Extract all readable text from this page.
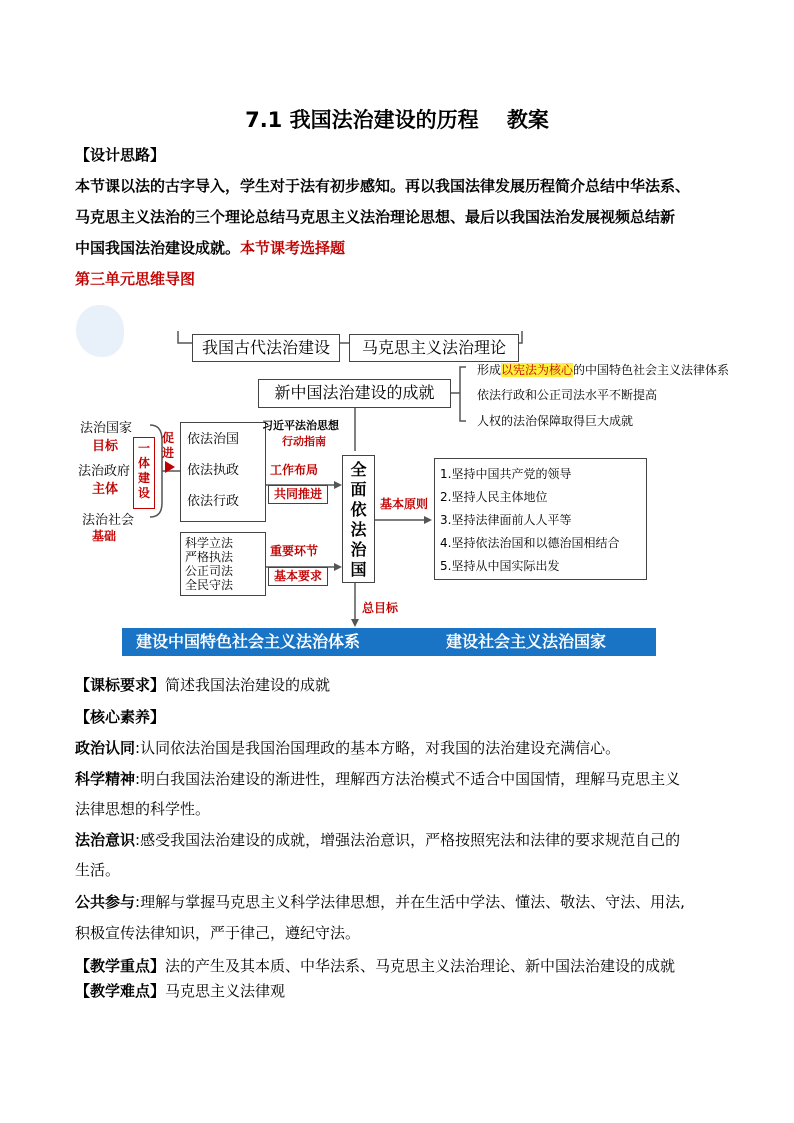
7.1 我国法治建设的历程　 教案
【设计思路】
本节课以法的古字导入，学生对于法有初步感知。再以我国法律发展历程简介总结中华法系、
马克思主义法治的三个理论总结马克思主义法治理论思想、最后以我国法治发展视频总结新
中国我国法治建设成就。本节课考选择题
第三单元思维导图
我国古代法治建设	马克思主义法治理论
新中国法治建设的成就
形成以宪法为核心的中国特色社会主义法律体系
依法行政和公正司法水平不断提高
人权的法治保障取得巨大成就
法治国家
目标
法治政府
主体
法治社会
基础
一体建设
促进
依法治国
依法执政
依法行政
习近平法治思想
行动指南
工作布局
共同推进
重要环节
基本要求
全面依法治国
基本原则
1.坚持中国共产党的领导
2.坚持人民主体地位
3.坚持法律面前人人平等
4.坚持依法治国和以德治国相结合
5.坚持从中国实际出发
科学立法
严格执法
公正司法
全民守法
总目标
建设中国特色社会主义法治体系	建设社会主义法治国家
【课标要求】简述我国法治建设的成就
【核心素养】
政治认同:认同依法治国是我国治国理政的基本方略，对我国的法治建设充满信心。
科学精神:明白我国法治建设的渐进性，理解西方法治模式不适合中国国情，理解马克思主义
法律思想的科学性。
法治意识:感受我国法治建设的成就，增强法治意识，严格按照宪法和法律的要求规范自己的
生活。
公共参与:理解与掌握马克思主义科学法律思想，并在生活中学法、懂法、敬法、守法、用法,
积极宣传法律知识，严于律己，遵纪守法。
【教学重点】法的产生及其本质、中华法系、马克思主义法治理论、新中国法治建设的成就
【教学难点】马克思主义法律观
